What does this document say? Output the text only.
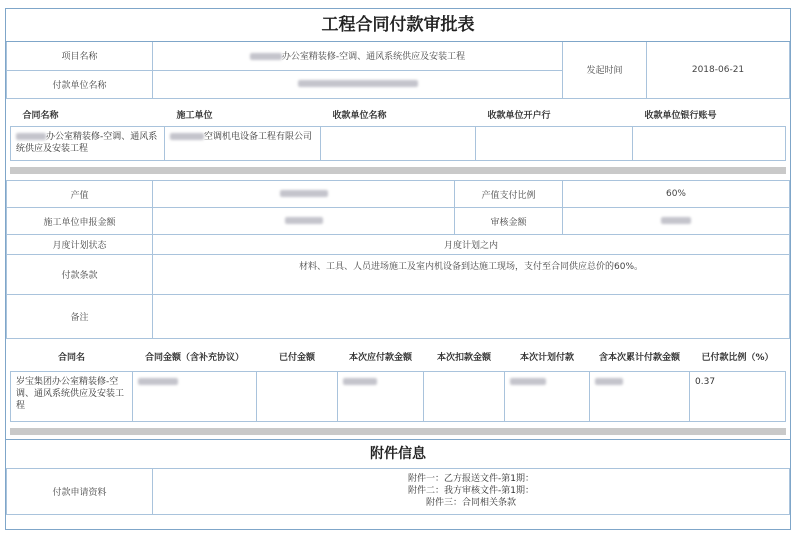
工程合同付款审批表
项目名称	办公室精装修-空调、通风系统供应及安装工程	发起时间	2018-06-21
付款单位名称			
合同名称	施工单位	收款单位名称	收款单位开户行	收款单位银行账号
办公室精装修-空调、通风系统供应及安装工程	空调机电设备工程有限公司			
产值		产值支付比例	60%
施工单位申报金额		审核金额	
月度计划状态	月度计划之内		
付款条款	材料、工具、人员进场施工及室内机设备到达施工现场，支付至合同供应总价的60%。		
备注			
合同名	合同金额（含补充协议）	已付金额	本次应付款金额	本次扣款金额	本次计划付款	含本次累计付款金额	已付款比例（%）
岁宝集团办公室精装修-空调、通风系统供应及安装工程							0.37
附件信息
付款申请资料	
附件一：乙方报送文件-第1期：
附件二：我方审核文件-第1期：
附件三：合同相关条款
